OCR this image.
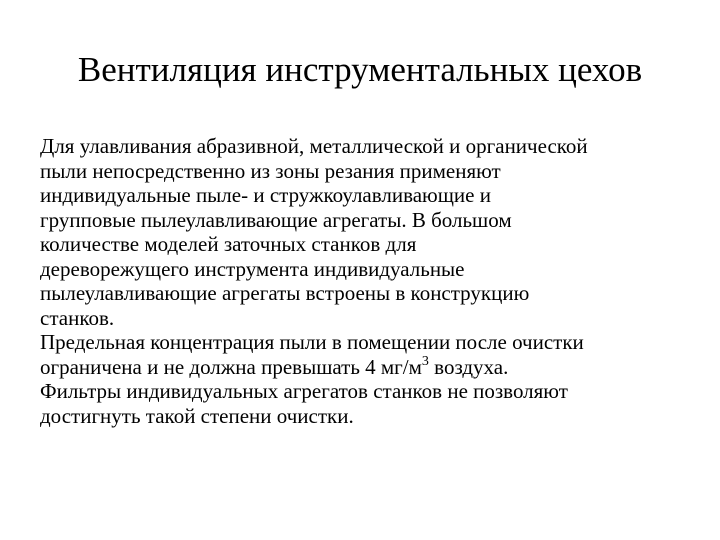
Вентиляция инструментальных цехов

Для улавливания абразивной, металлической и органической
пыли непосредственно из зоны резания применяют
индивидуальные пыле- и стружкоулавливающие и
групповые пылеулавливающие агрегаты. В большом
количестве моделей заточных станков для
дереворежущего инструмента индивидуальные
пылеулавливающие агрегаты встроены в конструкцию
станков.

Предельная концентрация пыли в помещении после очистки
ограничена и не должна превышать 4 $мг/м^3$ воздуха.
Фильтры индивидуальных агрегатов станков не позволяют
достигнуть такой степени очистки.
